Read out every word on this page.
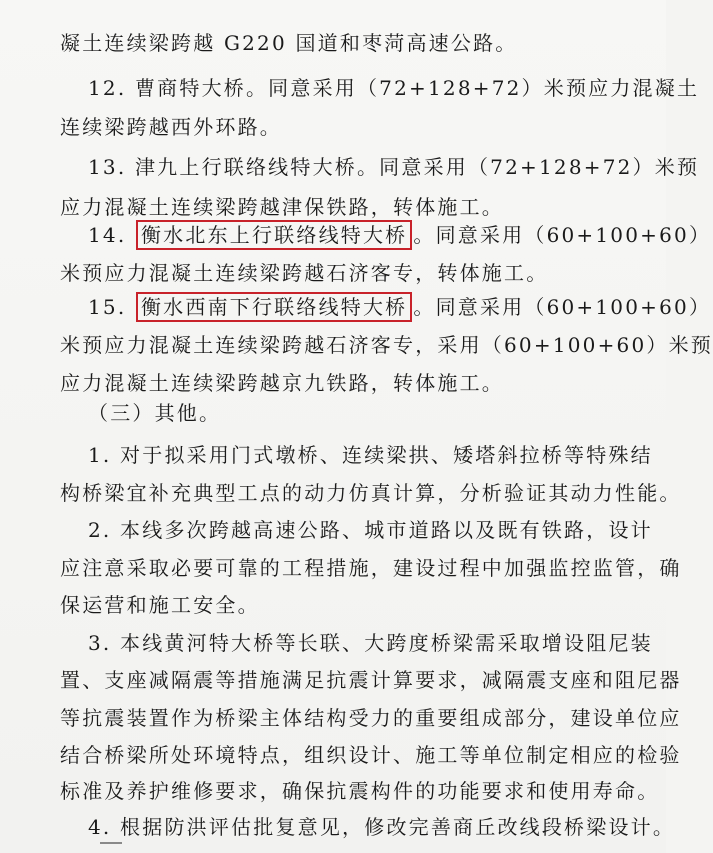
凝土连续梁跨越 G220 国道和枣菏高速公路。
12. 曹商特大桥。同意采用（72+128+72）米预应力混凝土
连续梁跨越西外环路。
13. 津九上行联络线特大桥。同意采用（72+128+72）米预
应力混凝土连续梁跨越津保铁路，转体施工。
14. 衡水北东上行联络线特大桥 。同意采用（60+100+60）
米预应力混凝土连续梁跨越石济客专，转体施工。
15. 衡水西南下行联络线特大桥 。同意采用（60+100+60）
米预应力混凝土连续梁跨越石济客专，采用（60+100+60）米预
应力混凝土连续梁跨越京九铁路，转体施工。
（三）其他。
1. 对于拟采用门式墩桥、连续梁拱、矮塔斜拉桥等特殊结
构桥梁宜补充典型工点的动力仿真计算，分析验证其动力性能。
2. 本线多次跨越高速公路、城市道路以及既有铁路，设计
应注意采取必要可靠的工程措施，建设过程中加强监控监管，确
保运营和施工安全。
3. 本线黄河特大桥等长联、大跨度桥梁需采取增设阻尼装
置、支座减隔震等措施满足抗震计算要求，减隔震支座和阻尼器
等抗震装置作为桥梁主体结构受力的重要组成部分，建设单位应
结合桥梁所处环境特点，组织设计、施工等单位制定相应的检验
标准及养护维修要求，确保抗震构件的功能要求和使用寿命。
4. 根据防洪评估批复意见，修改完善商丘改线段桥梁设计。
